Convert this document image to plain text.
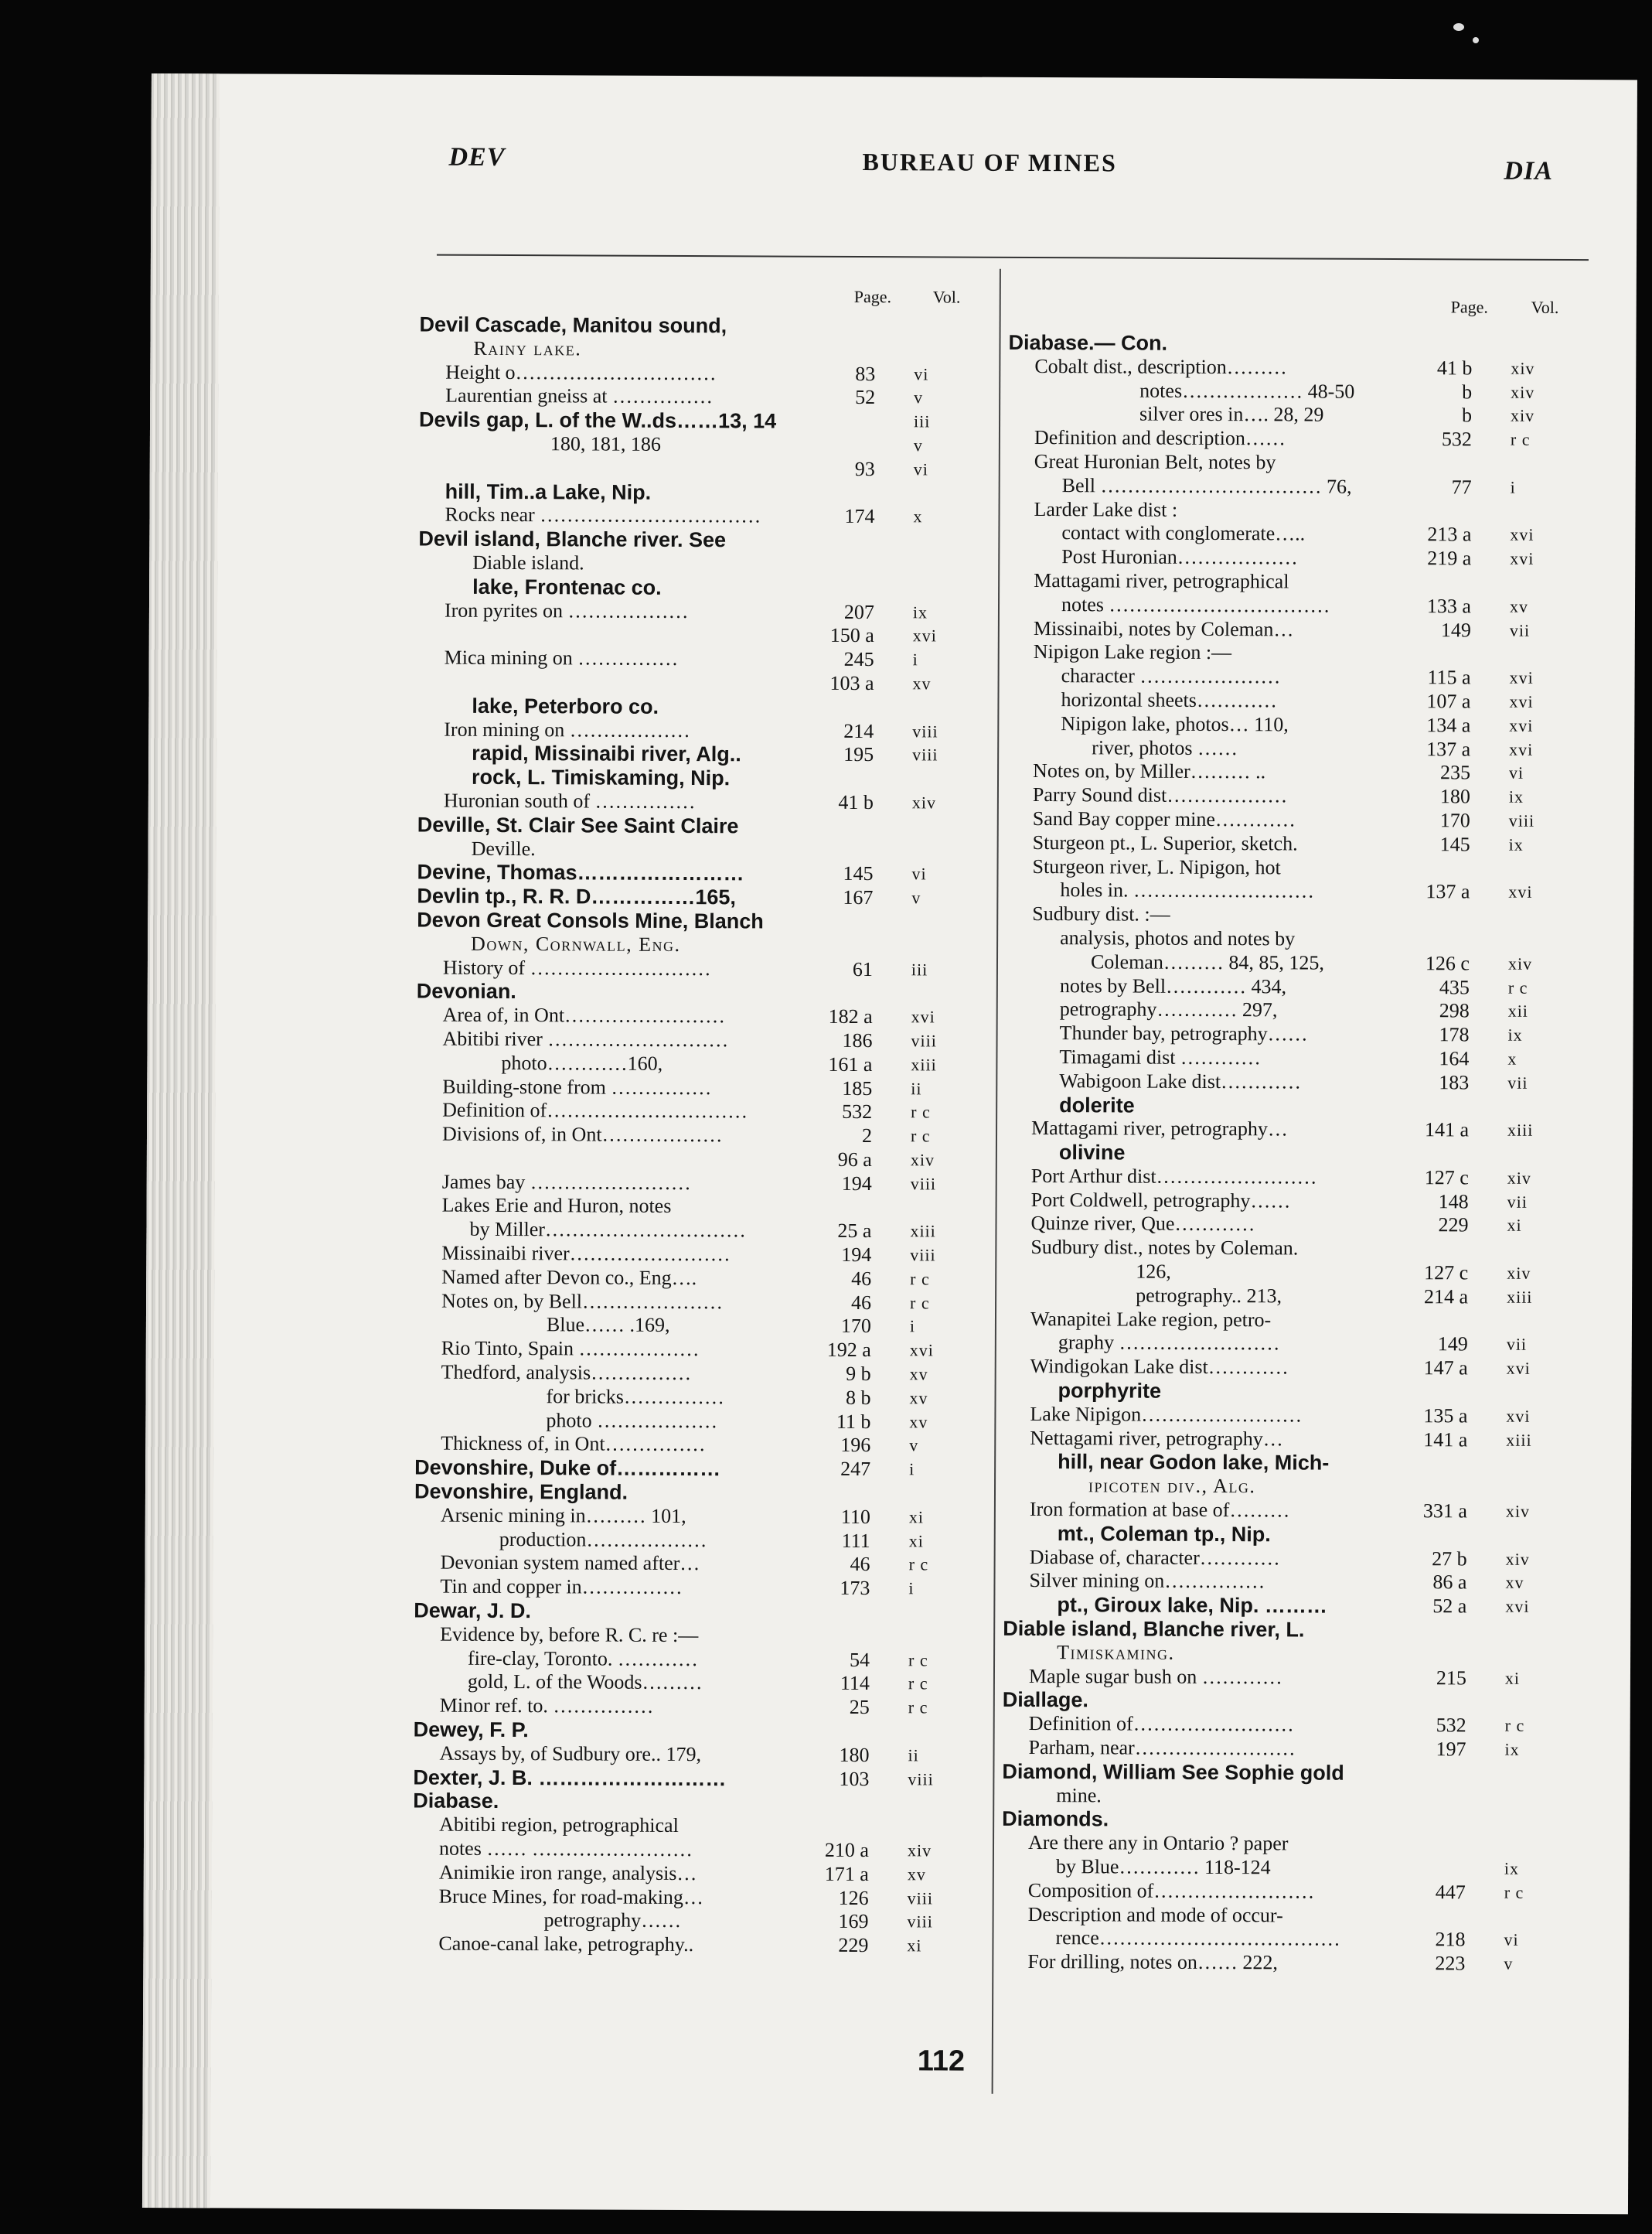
DEV	BUREAU OF MINES	DIA
Page. Vol.
Devil Cascade, Manitou sound,
Rainy lake.
Height o…………………………	83 vi
Laurentian gneiss at ……………	52 v
Devils gap, L. of the W..ds……13, 14	iii
180, 181, 186	v
93 vi
hill, Tim..a Lake, Nip.
Rocks near ……………………………	174 x
Devil island, Blanche river. See
Diable island.
lake, Frontenac co.
Iron pyrites on ………………	207 ix
150 a xvi
Mica mining on ……………	245 i
103 a xv
lake, Peterboro co.
Iron mining on ………………	214 viii
rapid, Missinaibi river, Alg..	195 viii
rock, L. Timiskaming, Nip.
Huronian south of ……………	41 b xiv
Deville, St. Clair See Saint Claire
Deville.
Devine, Thomas……………………	145 vi
Devlin tp., R. R. D……………165,	167 v
Devon Great Consols Mine, Blanch
Down, Cornwall, Eng.
History of ………………………	61 iii
Devonian.
Area of, in Ont……………………	182 a xvi
Abitibi river ………………………	186 viii
photo…………160,	161 a xiii
Building-stone from ……………	185 ii
Definition of…………………………	532 r c
Divisions of, in Ont………………	2 r c
96 a xiv
James bay ……………………	194 viii
Lakes Erie and Huron, notes
by Miller…………………………	25 a xiii
Missinaibi river……………………	194 viii
Named after Devon co., Eng….	46 r c
Notes on, by Bell…………………	46 r c
Blue…… .169,	170 i
Rio Tinto, Spain ………………	192 a xvi
Thedford, analysis……………	9 b xv
for bricks……………	8 b xv
photo ………………	11 b xv
Thickness of, in Ont……………	196 v
Devonshire, Duke of……………	247 i
Devonshire, England.
Arsenic mining in……… 101,	110 xi
production………………	111 xi
Devonian system named after…	46 r c
Tin and copper in……………	173 i
Dewar, J. D.
Evidence by, before R. C. re :—
fire-clay, Toronto. …………	54 r c
gold, L. of the Woods………	114 r c
Minor ref. to. ……………	25 r c
Dewey, F. P.
Assays by, of Sudbury ore.. 179,	180 ii
Dexter, J. B. ………………………	103 viii
Diabase.
Abitibi region, petrographical
notes …… ……………………	210 a xiv
Animikie iron range, analysis…	171 a xv
Bruce Mines, for road-making…	126 viii
petrography……	169 viii
Canoe-canal lake, petrography..	229 xi
Page.	Vol.
Diabase.— Con.
Cobalt dist., description………	41 b xiv
notes……………… 48-50	b xiv
silver ores in…. 28, 29	b xiv
Definition and description……	532 r c
Great Huronian Belt, notes by
Bell …………………………… 76,	77 i
Larder Lake dist :
contact with conglomerate…..	213 a xvi
Post Huronian………………	219 a xvi
Mattagami river, petrographical
notes ……………………………	133 a xv
Missinaibi, notes by Coleman…	149 vii
Nipigon Lake region :—
character …………………	115 a xvi
horizontal sheets…………	107 a xvi
Nipigon lake, photos… 110,	134 a xvi
river, photos ……	137 a xvi
Notes on, by Miller……… ..	235 vi
Parry Sound dist………………	180 ix
Sand Bay copper mine…………	170 viii
Sturgeon pt., L. Superior, sketch.	145 ix
Sturgeon river, L. Nipigon, hot
holes in. ………………………	137 a xvi
Sudbury dist. :—
analysis, photos and notes by
Coleman……… 84, 85, 125,	126 c xiv
notes by Bell………… 434,	435 r c
petrography………… 297,	298 xii
Thunder bay, petrography……	178 ix
Timagami dist …………	164 x
Wabigoon Lake dist…………	183 vii
dolerite
Mattagami river, petrography…	141 a xiii
olivine
Port Arthur dist……………………	127 c xiv
Port Coldwell, petrography……	148 vii
Quinze river, Que…………	229 xi
Sudbury dist., notes by Coleman.
126,	127 c xiv
petrography.. 213,	214 a xiii
Wanapitei Lake region, petro-
graphy ……………………	149 vii
Windigokan Lake dist…………	147 a xvi
porphyrite
Lake Nipigon……………………	135 a xvi
Nettagami river, petrography…	141 a xiii
hill, near Godon lake, Mich-
ipicoten div., Alg.
Iron formation at base of………	331 a xiv
mt., Coleman tp., Nip.
Diabase of, character…………	27 b xiv
Silver mining on……………	86 a xv
pt., Giroux lake, Nip. ………	52 a xvi
Diable island, Blanche river, L.
Timiskaming.
Maple sugar bush on …………	215 xi
Diallage.
Definition of……………………	532 r c
Parham, near……………………	197 ix
Diamond, William See Sophie gold
mine.
Diamonds.
Are there any in Ontario ? paper
by Blue………… 118-124	ix
Composition of……………………	447 r c
Description and mode of occur-
rence………………………………	218 vi
For drilling, notes on…… 222,	223 v
112
